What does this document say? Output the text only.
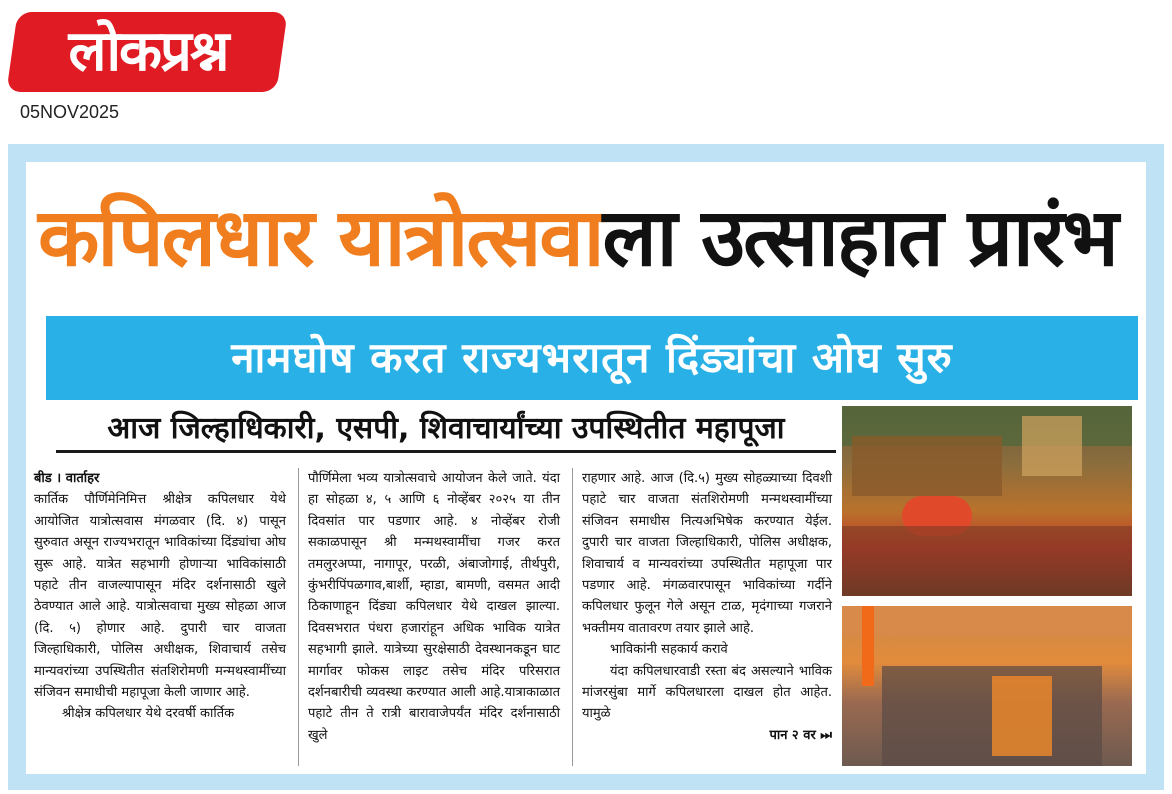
लोकप्रश्न
05NOV2025
कपिलधार यात्रोत्सवाला उत्साहात प्रारंभ
नामघोष करत राज्यभरातून दिंड्यांचा ओघ सुरु
आज जिल्हाधिकारी, एसपी, शिवाचार्यांच्या उपस्थितीत महापूजा

बीड । वार्ताहर
कार्तिक पौर्णिमेनिमित्त श्रीक्षेत्र कपिलधार येथे आयोजित यात्रोत्सवास मंगळवार (दि. ४) पासून सुरुवात असून राज्यभरातून भाविकांच्या दिंड्यांचा ओघ सुरू आहे. यात्रेत सहभागी होणाऱ्या भाविकांसाठी पहाटे तीन वाजल्यापासून मंदिर दर्शनासाठी खुले ठेवण्यात आले आहे. यात्रोत्सवाचा मुख्य सोहळा आज (दि. ५) होणार आहे. दुपारी चार वाजता जिल्हाधिकारी, पोलिस अधीक्षक, शिवाचार्य तसेच मान्यवरांच्या उपस्थितीत संतशिरोमणी मन्मथस्वामींच्या संजिवन समाधीची महापूजा केली जाणार आहे.

श्रीक्षेत्र कपिलधार येथे दरवर्षी कार्तिक

पौर्णिमेला भव्य यात्रोत्सवाचे आयोजन केले जाते. यंदा हा सोहळा ४, ५ आणि ६ नोव्हेंबर २०२५ या तीन दिवसांत पार पडणार आहे. ४ नोव्हेंबर रोजी सकाळपासून श्री मन्मथस्वामींचा गजर करत तमलुरअप्पा, नागापूर, परळी, अंबाजोगाई, तीर्थपुरी, कुंभरीपिंपळगाव,बार्शी, म्हाडा, बामणी, वसमत आदी ठिकाणाहून दिंड्या कपिलधार येथे दाखल झाल्या. दिवसभरात पंधरा हजारांहून अधिक भाविक यात्रेत सहभागी झाले. यात्रेच्या सुरक्षेसाठी देवस्थानकडून घाट मार्गावर फोकस लाइट तसेच मंदिर परिसरात दर्शनबारीची व्यवस्था करण्यात आली आहे.यात्राकाळात पहाटे तीन ते रात्री बारावाजेपर्यंत मंदिर दर्शनासाठी खुले

राहणार आहे. आज (दि.५) मुख्य सोहळ्याच्या दिवशी पहाटे चार वाजता संतशिरोमणी मन्मथस्वामींच्या संजिवन समाधीस नित्यअभिषेक करण्यात येईल. दुपारी चार वाजता जिल्हाधिकारी, पोलिस अधीक्षक, शिवाचार्य व मान्यवरांच्या उपस्थितीत महापूजा पार पडणार आहे. मंगळवारपासून भाविकांच्या गर्दीने कपिलधार फुलून गेले असून टाळ, मृदंगाच्या गजराने भक्तीमय वातावरण तयार झाले आहे.

भाविकांनी सहकार्य करावे

यंदा कपिलधारवाडी रस्ता बंद असल्याने भाविक मांजरसुंबा मार्गे कपिलधारला दाखल होत आहेत. यामुळे

पान २ वर ⏭
